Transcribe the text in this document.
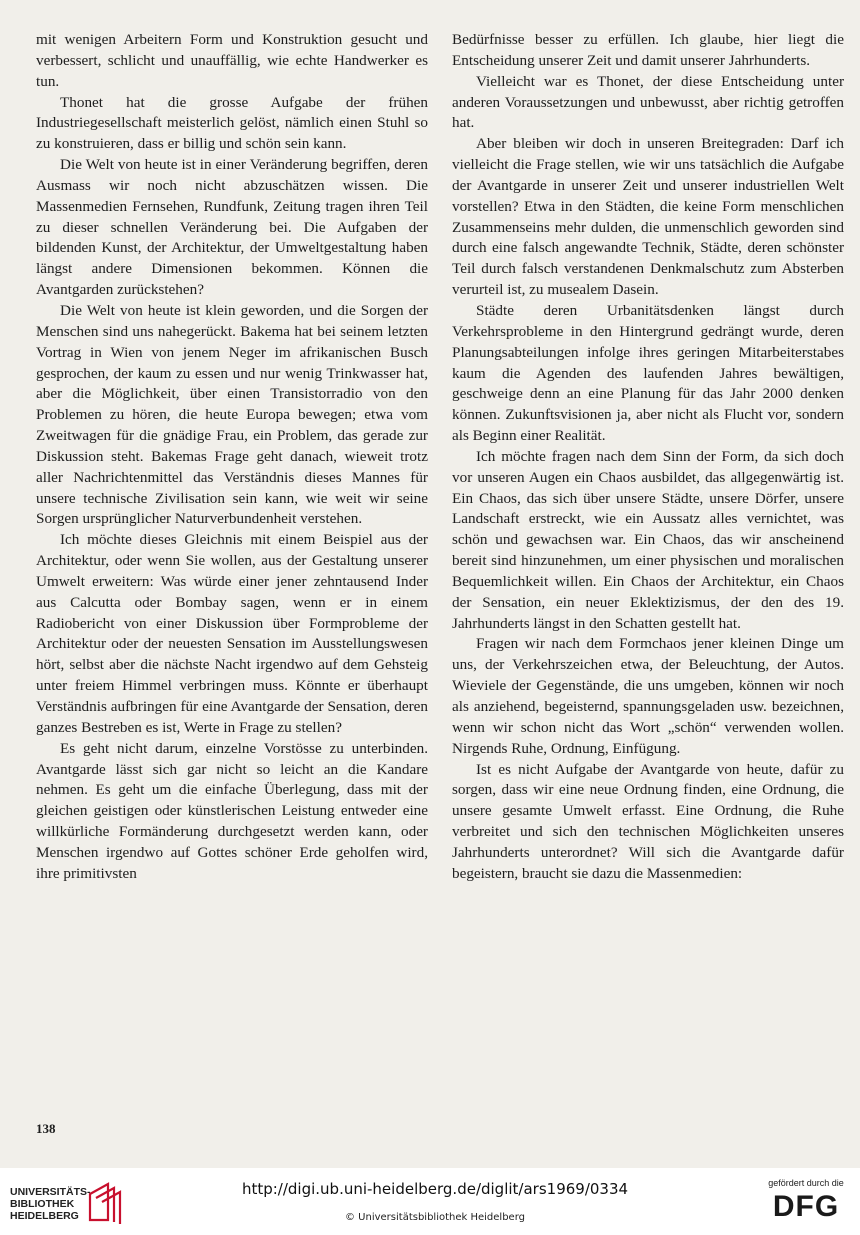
mit wenigen Arbeitern Form und Konstruktion gesucht und verbessert, schlicht und unauffällig, wie echte Handwerker es tun.

Thonet hat die grosse Aufgabe der frühen Industriegesellschaft meisterlich gelöst, nämlich einen Stuhl so zu konstruieren, dass er billig und schön sein kann.

Die Welt von heute ist in einer Veränderung begriffen, deren Ausmass wir noch nicht abzuschätzen wissen. Die Massenmedien Fernsehen, Rundfunk, Zeitung tragen ihren Teil zu dieser schnellen Veränderung bei. Die Aufgaben der bildenden Kunst, der Architektur, der Umweltgestaltung haben längst andere Dimensionen bekommen. Können die Avantgarden zurückstehen?

Die Welt von heute ist klein geworden, und die Sorgen der Menschen sind uns nahegerückt. Bakema hat bei seinem letzten Vortrag in Wien von jenem Neger im afrikanischen Busch gesprochen, der kaum zu essen und nur wenig Trinkwasser hat, aber die Möglichkeit, über einen Transistorradio von den Problemen zu hören, die heute Europa bewegen; etwa vom Zweitwagen für die gnädige Frau, ein Problem, das gerade zur Diskussion steht. Bakemas Frage geht danach, wieweit trotz aller Nachrichtenmittel das Verständnis dieses Mannes für unsere technische Zivilisation sein kann, wie weit wir seine Sorgen ursprünglicher Naturverbundenheit verstehen.

Ich möchte dieses Gleichnis mit einem Beispiel aus der Architektur, oder wenn Sie wollen, aus der Gestaltung unserer Umwelt erweitern: Was würde einer jener zehntausend Inder aus Calcutta oder Bombay sagen, wenn er in einem Radiobericht von einer Diskussion über Formprobleme der Architektur oder der neuesten Sensation im Ausstellungswesen hört, selbst aber die nächste Nacht irgendwo auf dem Gehsteig unter freiem Himmel verbringen muss. Könnte er überhaupt Verständnis aufbringen für eine Avantgarde der Sensation, deren ganzes Bestreben es ist, Werte in Frage zu stellen?

Es geht nicht darum, einzelne Vorstösse zu unterbinden. Avantgarde lässt sich gar nicht so leicht an die Kandare nehmen. Es geht um die einfache Überlegung, dass mit der gleichen geistigen oder künstlerischen Leistung entweder eine willkürliche Formänderung durchgesetzt werden kann, oder Menschen irgendwo auf Gottes schöner Erde geholfen wird, ihre primitivsten

Bedürfnisse besser zu erfüllen. Ich glaube, hier liegt die Entscheidung unserer Zeit und damit unserer Jahrhunderts.

Vielleicht war es Thonet, der diese Entscheidung unter anderen Voraussetzungen und unbewusst, aber richtig getroffen hat.

Aber bleiben wir doch in unseren Breitegraden: Darf ich vielleicht die Frage stellen, wie wir uns tatsächlich die Aufgabe der Avantgarde in unserer Zeit und unserer industriellen Welt vorstellen? Etwa in den Städten, die keine Form menschlichen Zusammenseins mehr dulden, die unmenschlich geworden sind durch eine falsch angewandte Technik, Städte, deren schönster Teil durch falsch verstandenen Denkmalschutz zum Absterben verurteil ist, zu musealem Dasein.

Städte deren Urbanitätsdenken längst durch Verkehrsprobleme in den Hintergrund gedrängt wurde, deren Planungsabteilungen infolge ihres geringen Mitarbeiterstabes kaum die Agenden des laufenden Jahres bewältigen, geschweige denn an eine Planung für das Jahr 2000 denken können. Zukunftsvisionen ja, aber nicht als Flucht vor, sondern als Beginn einer Realität.

Ich möchte fragen nach dem Sinn der Form, da sich doch vor unseren Augen ein Chaos ausbildet, das allgegenwärtig ist. Ein Chaos, das sich über unsere Städte, unsere Dörfer, unsere Landschaft erstreckt, wie ein Aussatz alles vernichtet, was schön und gewachsen war. Ein Chaos, das wir anscheinend bereit sind hinzunehmen, um einer physischen und moralischen Bequemlichkeit willen. Ein Chaos der Architektur, ein Chaos der Sensation, ein neuer Eklektizismus, der den des 19. Jahrhunderts längst in den Schatten gestellt hat.

Fragen wir nach dem Formchaos jener kleinen Dinge um uns, der Verkehrszeichen etwa, der Beleuchtung, der Autos. Wieviele der Gegenstände, die uns umgeben, können wir noch als anziehend, begeisternd, spannungsgeladen usw. bezeichnen, wenn wir schon nicht das Wort „schön“ verwenden wollen. Nirgends Ruhe, Ordnung, Einfügung.

Ist es nicht Aufgabe der Avantgarde von heute, dafür zu sorgen, dass wir eine neue Ordnung finden, eine Ordnung, die unsere gesamte Umwelt erfasst. Eine Ordnung, die Ruhe verbreitet und sich den technischen Möglichkeiten unseres Jahrhunderts unterordnet? Will sich die Avantgarde dafür begeistern, braucht sie dazu die Massenmedien:

138
UNIVERSITÄTS-
BIBLIOTHEK
HEIDELBERG
http://digi.ub.uni-heidelberg.de/diglit/ars1969/0334
© Universitätsbibliothek Heidelberg
gefördert durch die
DFG
